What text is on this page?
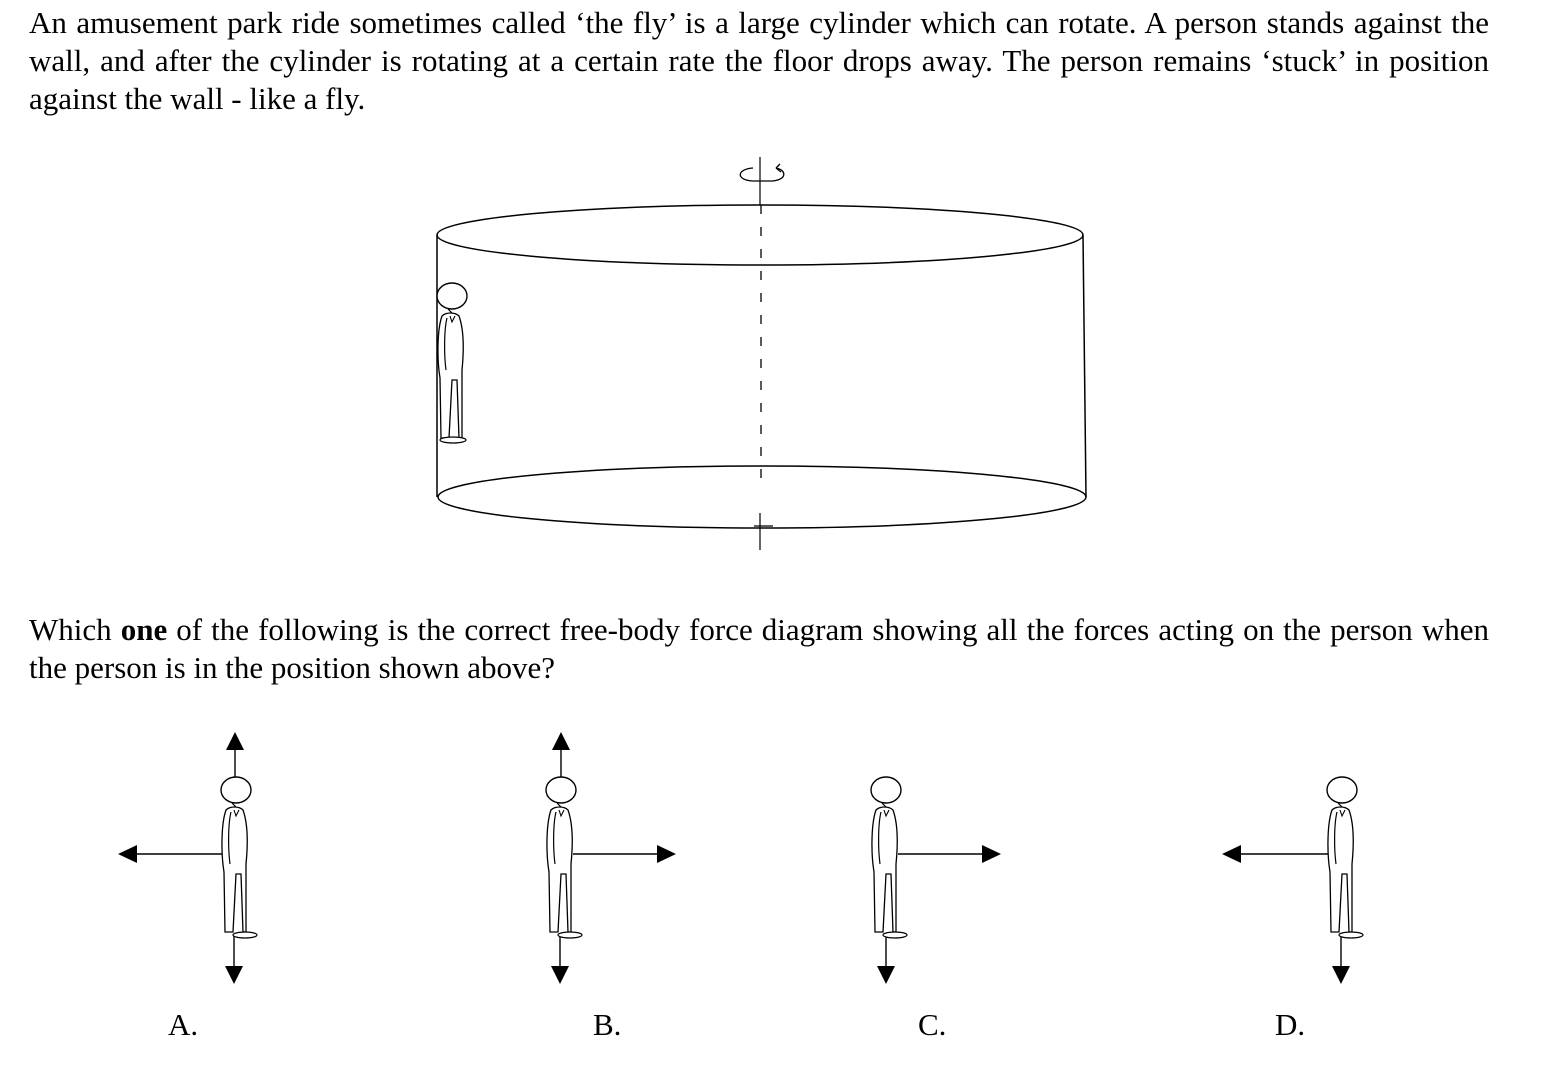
An amusement park ride sometimes called ‘the fly’ is a large cylinder which can rotate. A person stands against the wall, and after the cylinder is rotating at a certain rate the floor drops away. The person remains ‘stuck’ in position against the wall - like a fly.

Which one of the following is the correct free-body force diagram showing all the forces acting on the person when the person is in the position shown above?

A.	B.	C.	D.
